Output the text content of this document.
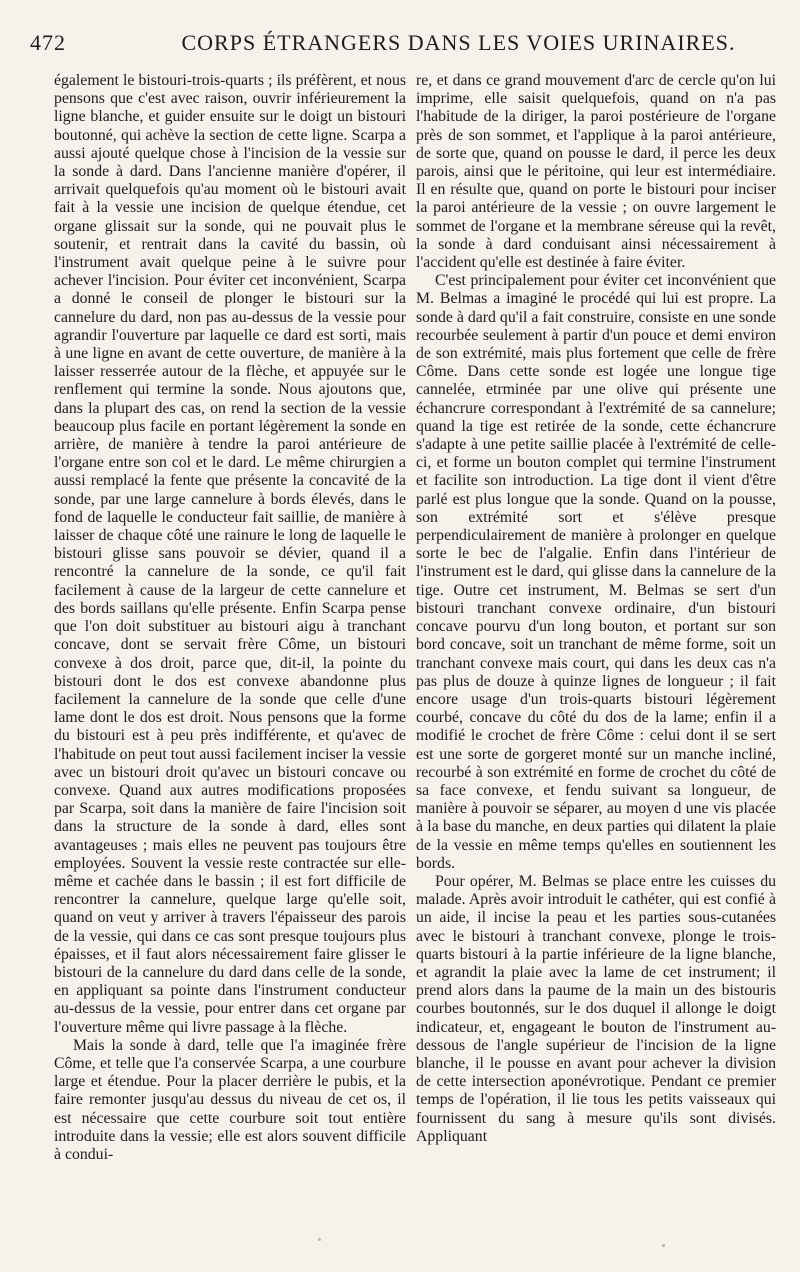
472	CORPS ÉTRANGERS DANS LES VOIES URINAIRES.

également le bistouri-trois-quarts ; ils préfèrent, et nous pensons que c'est avec raison, ouvrir inférieurement la ligne blanche, et guider ensuite sur le doigt un bistouri boutonné, qui achève la section de cette ligne. Scarpa a aussi ajouté quelque chose à l'incision de la vessie sur la sonde à dard. Dans l'ancienne manière d'opérer, il arrivait quelquefois qu'au moment où le bistouri avait fait à la vessie une incision de quelque étendue, cet organe glissait sur la sonde, qui ne pouvait plus le soutenir, et rentrait dans la cavité du bassin, où l'instrument avait quelque peine à le suivre pour achever l'incision. Pour éviter cet inconvénient, Scarpa a donné le conseil de plonger le bistouri sur la cannelure du dard, non pas au-dessus de la vessie pour agrandir l'ouverture par laquelle ce dard est sorti, mais à une ligne en avant de cette ouverture, de manière à la laisser resserrée autour de la flèche, et appuyée sur le renflement qui termine la sonde. Nous ajoutons que, dans la plupart des cas, on rend la section de la vessie beaucoup plus facile en portant légèrement la sonde en arrière, de manière à tendre la paroi antérieure de l'organe entre son col et le dard. Le même chirurgien a aussi remplacé la fente que présente la concavité de la sonde, par une large cannelure à bords élevés, dans le fond de laquelle le conducteur fait saillie, de manière à laisser de chaque côté une rainure le long de laquelle le bistouri glisse sans pouvoir se dévier, quand il a rencontré la cannelure de la sonde, ce qu'il fait facilement à cause de la largeur de cette cannelure et des bords saillans qu'elle présente. Enfin Scarpa pense que l'on doit substituer au bistouri aigu à tranchant concave, dont se servait frère Côme, un bistouri convexe à dos droit, parce que, dit-il, la pointe du bistouri dont le dos est convexe abandonne plus facilement la cannelure de la sonde que celle d'une lame dont le dos est droit. Nous pensons que la forme du bistouri est à peu près indifférente, et qu'avec de l'habitude on peut tout aussi facilement inciser la vessie avec un bistouri droit qu'avec un bistouri concave ou convexe. Quand aux autres modifications proposées par Scarpa, soit dans la manière de faire l'incision soit dans la structure de la sonde à dard, elles sont avantageuses ; mais elles ne peuvent pas toujours être employées. Souvent la vessie reste contractée sur elle-même et cachée dans le bassin ; il est fort difficile de rencontrer la cannelure, quelque large qu'elle soit, quand on veut y arriver à travers l'épaisseur des parois de la vessie, qui dans ce cas sont presque toujours plus épaisses, et il faut alors nécessairement faire glisser le bistouri de la cannelure du dard dans celle de la sonde, en appliquant sa pointe dans l'instrument conducteur au-dessus de la vessie, pour entrer dans cet organe par l'ouverture même qui livre passage à la flèche.

Mais la sonde à dard, telle que l'a imaginée frère Côme, et telle que l'a conservée Scarpa, a une courbure large et étendue. Pour la placer derrière le pubis, et la faire remonter jusqu'au dessus du niveau de cet os, il est nécessaire que cette courbure soit tout entière introduite dans la vessie; elle est alors souvent difficile à condui-

re, et dans ce grand mouvement d'arc de cercle qu'on lui imprime, elle saisit quelquefois, quand on n'a pas l'habitude de la diriger, la paroi postérieure de l'organe près de son sommet, et l'applique à la paroi antérieure, de sorte que, quand on pousse le dard, il perce les deux parois, ainsi que le péritoine, qui leur est intermédiaire. Il en résulte que, quand on porte le bistouri pour inciser la paroi antérieure de la vessie ; on ouvre largement le sommet de l'organe et la membrane séreuse qui la revêt, la sonde à dard conduisant ainsi nécessairement à l'accident qu'elle est destinée à faire éviter.

C'est principalement pour éviter cet inconvénient que M. Belmas a imaginé le procédé qui lui est propre. La sonde à dard qu'il a fait construire, consiste en une sonde recourbée seulement à partir d'un pouce et demi environ de son extrémité, mais plus fortement que celle de frère Côme. Dans cette sonde est logée une longue tige cannelée, etrminée par une olive qui présente une échancrure correspondant à l'extrémité de sa cannelure; quand la tige est retirée de la sonde, cette échancrure s'adapte à une petite saillie placée à l'extrémité de celle-ci, et forme un bouton complet qui termine l'instrument et facilite son introduction. La tige dont il vient d'être parlé est plus longue que la sonde. Quand on la pousse, son extrémité sort et s'élève presque perpendiculairement de manière à prolonger en quelque sorte le bec de l'algalie. Enfin dans l'intérieur de l'instrument est le dard, qui glisse dans la cannelure de la tige. Outre cet instrument, M. Belmas se sert d'un bistouri tranchant convexe ordinaire, d'un bistouri concave pourvu d'un long bouton, et portant sur son bord concave, soit un tranchant de même forme, soit un tranchant convexe mais court, qui dans les deux cas n'a pas plus de douze à quinze lignes de longueur ; il fait encore usage d'un trois-quarts bistouri légèrement courbé, concave du côté du dos de la lame; enfin il a modifié le crochet de frère Côme : celui dont il se sert est une sorte de gorgeret monté sur un manche incliné, recourbé à son extrémité en forme de crochet du côté de sa face convexe, et fendu suivant sa longueur, de manière à pouvoir se séparer, au moyen d une vis placée à la base du manche, en deux parties qui dilatent la plaie de la vessie en même temps qu'elles en soutiennent les bords.

Pour opérer, M. Belmas se place entre les cuisses du malade. Après avoir introduit le cathéter, qui est confié à un aide, il incise la peau et les parties sous-cutanées avec le bistouri à tranchant convexe, plonge le trois-quarts bistouri à la partie inférieure de la ligne blanche, et agrandit la plaie avec la lame de cet instrument; il prend alors dans la paume de la main un des bistouris courbes boutonnés, sur le dos duquel il allonge le doigt indicateur, et, engageant le bouton de l'instrument au-dessous de l'angle supérieur de l'incision de la ligne blanche, il le pousse en avant pour achever la division de cette intersection aponévrotique. Pendant ce premier temps de l'opération, il lie tous les petits vaisseaux qui fournissent du sang à mesure qu'ils sont divisés. Appliquant
